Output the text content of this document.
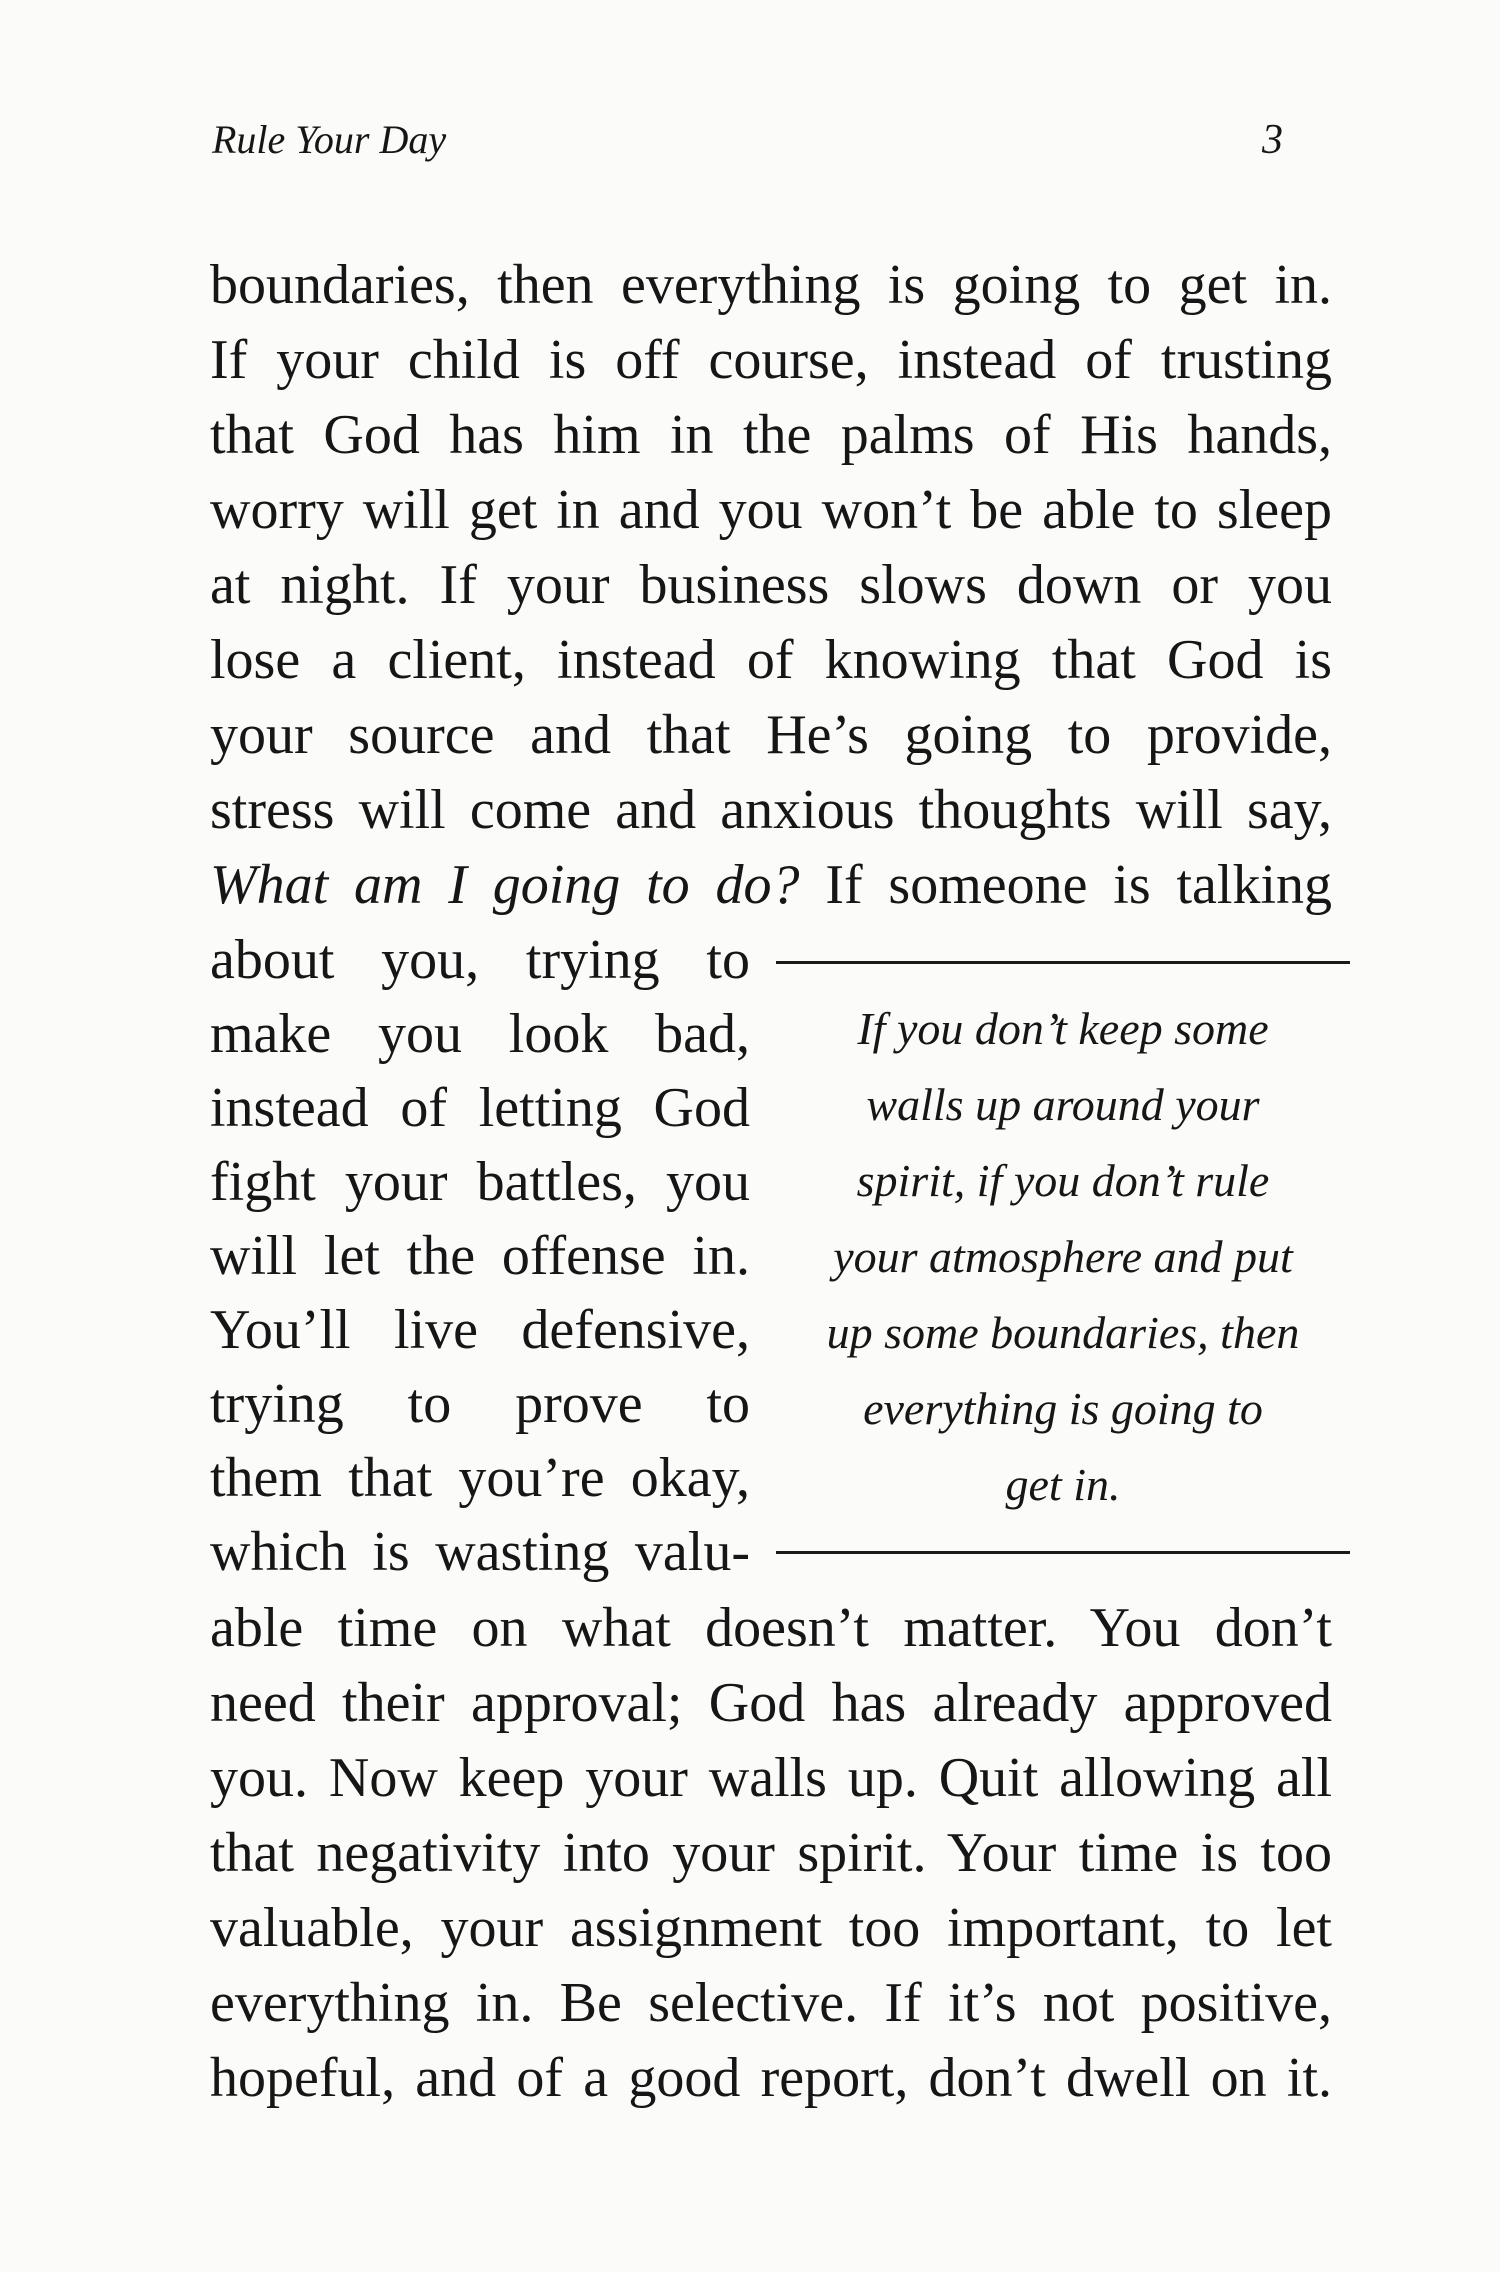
Rule Your Day	3
boundaries, then everything is going to get in.
If your child is off course, instead of trusting
that God has him in the palms of His hands,
worry will get in and you won’t be able to sleep
at night. If your business slows down or you
lose a client, instead of knowing that God is
your source and that He’s going to provide,
stress will come and anxious thoughts will say,
What am I going to do? If someone is talking
about you, trying to
make you look bad,
instead of letting God
fight your battles, you
will let the offense in.
You’ll live defensive,
trying to prove to
them that you’re okay,
which is wasting valu-
able time on what doesn’t matter. You don’t
need their approval; God has already approved
you. Now keep your walls up. Quit allowing all
that negativity into your spirit. Your time is too
valuable, your assignment too important, to let
everything in. Be selective. If it’s not positive,
hopeful, and of a good report, don’t dwell on it.
If you don’t keep some
walls up around your
spirit, if you don’t rule
your atmosphere and put
up some boundaries, then
everything is going to
get in.
